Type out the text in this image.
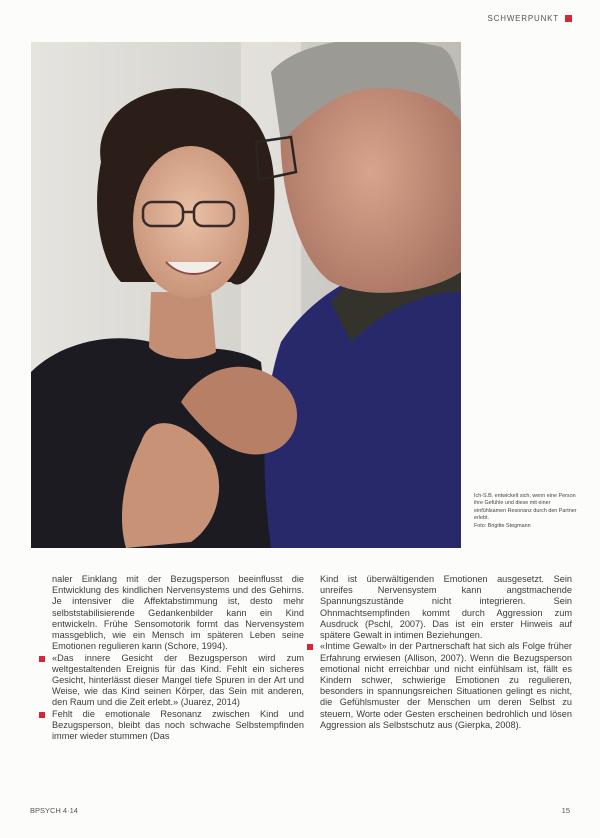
SCHWERPUNKT
Ich-S.B. entwickelt sich, wenn eine Person ihre Gefühle und diese mit einer einfühlsamen Resonanz durch den Partner erlebt.
Foto: Brigitte Stegmann

naler Einklang mit der Bezugsperson beeinflusst die Entwicklung des kindlichen Nervensystems und des Gehirns. Je intensiver die Affektabstimmung ist, desto mehr selbststabilisierende Gedankenbilder kann ein Kind entwickeln. Frühe Sensomotorik formt das Nervensystem massgeblich, wie ein Mensch im späteren Leben seine Emotionen regulieren kann (Schore, 1994).

«Das innere Gesicht der Bezugsperson wird zum weltgestaltenden Ereignis für das Kind. Fehlt ein sicheres Gesicht, hinterlässt dieser Mangel tiefe Spuren in der Art und Weise, wie das Kind seinen Körper, das Sein mit anderen, den Raum und die Zeit erlebt.» (Juarez, 2014)

Fehlt die emotionale Resonanz zwischen Kind und Bezugsperson, bleibt das noch schwache Selbstempfinden immer wieder stummen (Das

Kind ist überwältigenden Emotionen ausgesetzt. Sein unreifes Nervensystem kann angstmachende Spannungszustände nicht integrieren. Sein Ohnmachtsempfinden kommt durch Aggression zum Ausdruck (Pschl, 2007). Das ist ein erster Hinweis auf spätere Gewalt in intimen Beziehungen.

«Intime Gewalt» in der Partnerschaft hat sich als Folge früher Erfahrung erwiesen (Allison, 2007). Wenn die Bezugsperson emotional nicht erreichbar und nicht einfühlsam ist, fällt es Kindern schwer, schwierige Emotionen zu regulieren, besonders in spannungsreichen Situationen gelingt es nicht, die Gefühlsmuster der Menschen um deren Selbst zu steuern, Worte oder Gesten erscheinen bedrohlich und lösen Aggression als Selbstschutz aus (Gierpka, 2008).

BPSYCH 4·14	15
